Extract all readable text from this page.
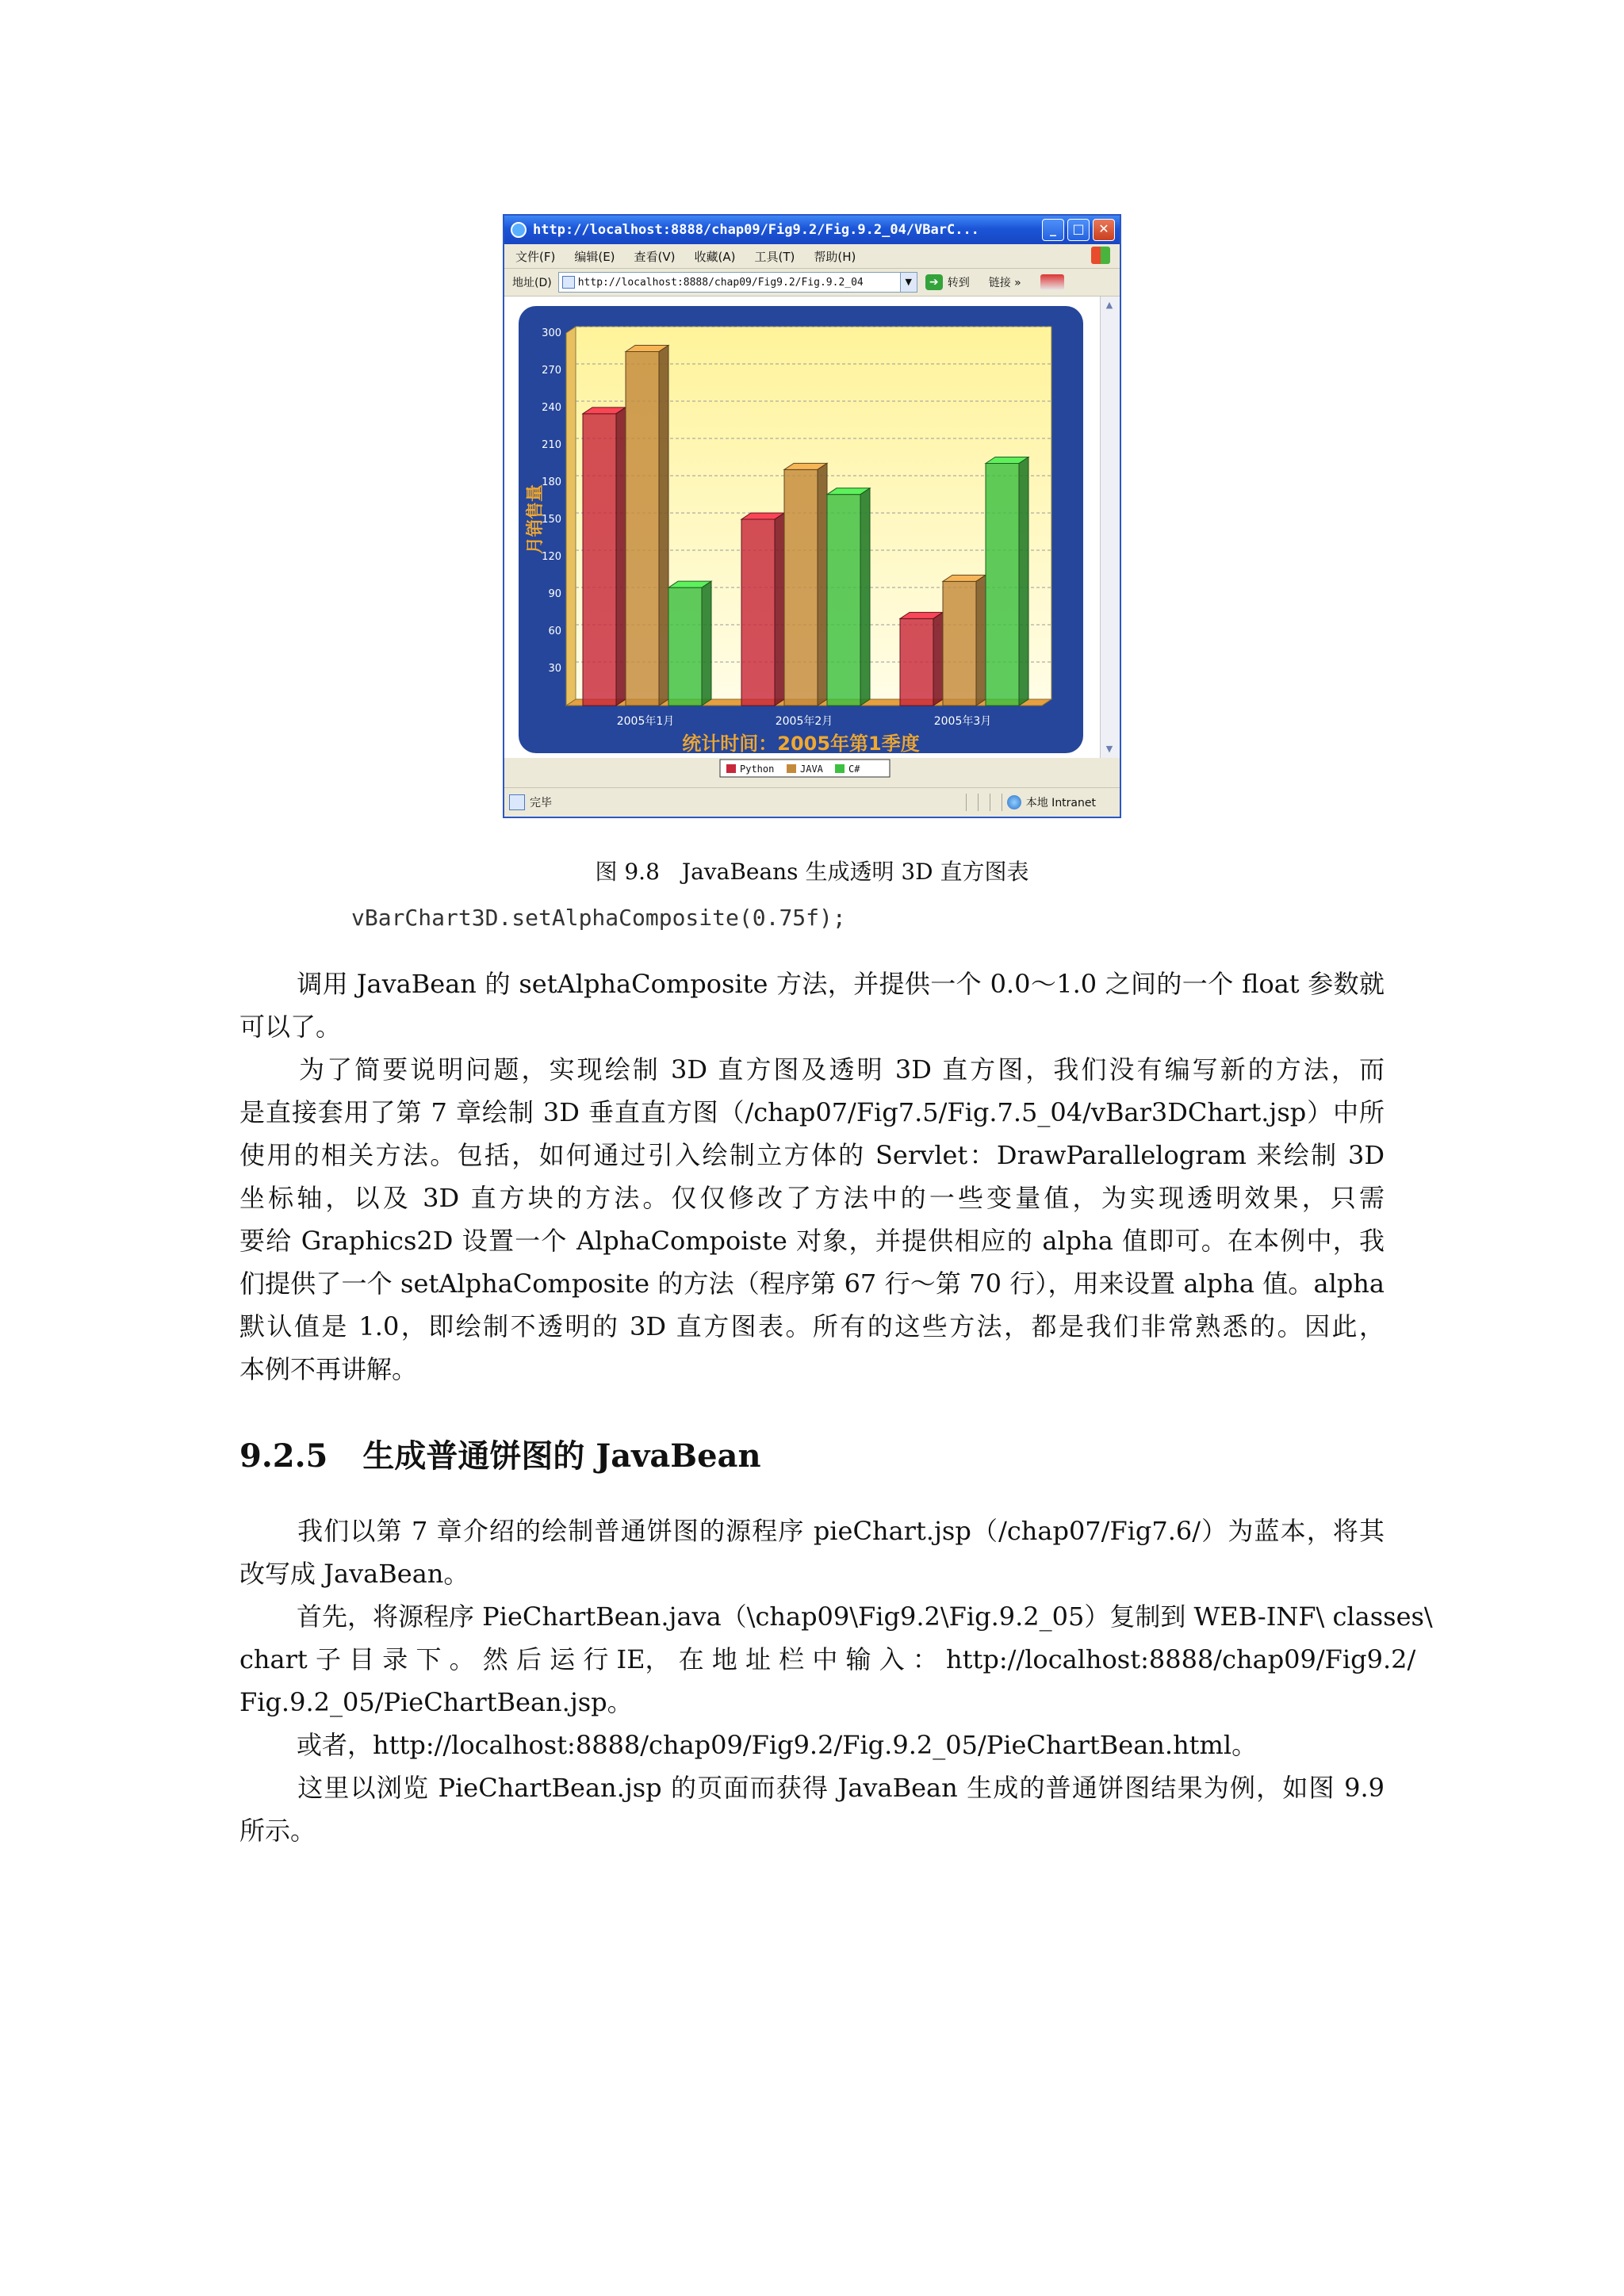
http://localhost:8888/chap09/Fig9.2/Fig.9.2_04/VBarC...	_	□	✕
文件(F) 编辑(E) 查看(V) 收藏(A) 工具(T) 帮助(H)
地址(D)	http://localhost:8888/chap09/Fig9.2/Fig.9.2_04	▼	➔ 转到 链接 »
30
60
90
120
150
180
210
240
270
300
2005年1月	2005年2月	2005年3月
月销售量
统计时间：2005年第1季度
Python	JAVA	C#
▲
▼
完毕	本地 Intranet
图 9.8　JavaBeans 生成透明 3D 直方图表
vBarChart3D.setAlphaComposite(0.75f);

调用 JavaBean 的 setAlphaComposite 方法，并提供一个 0.0～1.0 之间的一个 float 参数就
可以了。

为了简要说明问题，实现绘制 3D 直方图及透明 3D 直方图，我们没有编写新的方法，而
是直接套用了第 7 章绘制 3D 垂直直方图（/chap07/Fig7.5/Fig.7.5_04/vBar3DChart.jsp）中所
使用的相关方法。包括，如何通过引入绘制立方体的 Servlet：DrawParallelogram 来绘制 3D
坐标轴，以及 3D 直方块的方法。仅仅修改了方法中的一些变量值，为实现透明效果，只需
要给 Graphics2D 设置一个 AlphaCompoiste 对象，并提供相应的 alpha 值即可。在本例中，我
们提供了一个 setAlphaComposite 的方法（程序第 67 行～第 70 行），用来设置 alpha 值。alpha
默认值是 1.0，即绘制不透明的 3D 直方图表。所有的这些方法，都是我们非常熟悉的。因此，
本例不再讲解。

9.2.5 生成普通饼图的 JavaBean

我们以第 7 章介绍的绘制普通饼图的源程序 pieChart.jsp（/chap07/Fig7.6/）为蓝本，将其
改写成 JavaBean。

首先，将源程序 PieChartBean.java（\chap09\Fig9.2\Fig.9.2_05）复制到 WEB-INF\ classes\
chart 子 目 录 下 。 然 后 运 行 IE， 在 地 址 栏 中 输 入 ： http://localhost:8888/chap09/Fig9.2/
Fig.9.2_05/PieChartBean.jsp。

或者，http://localhost:8888/chap09/Fig9.2/Fig.9.2_05/PieChartBean.html。

这里以浏览 PieChartBean.jsp 的页面而获得 JavaBean 生成的普通饼图结果为例，如图 9.9
所示。
